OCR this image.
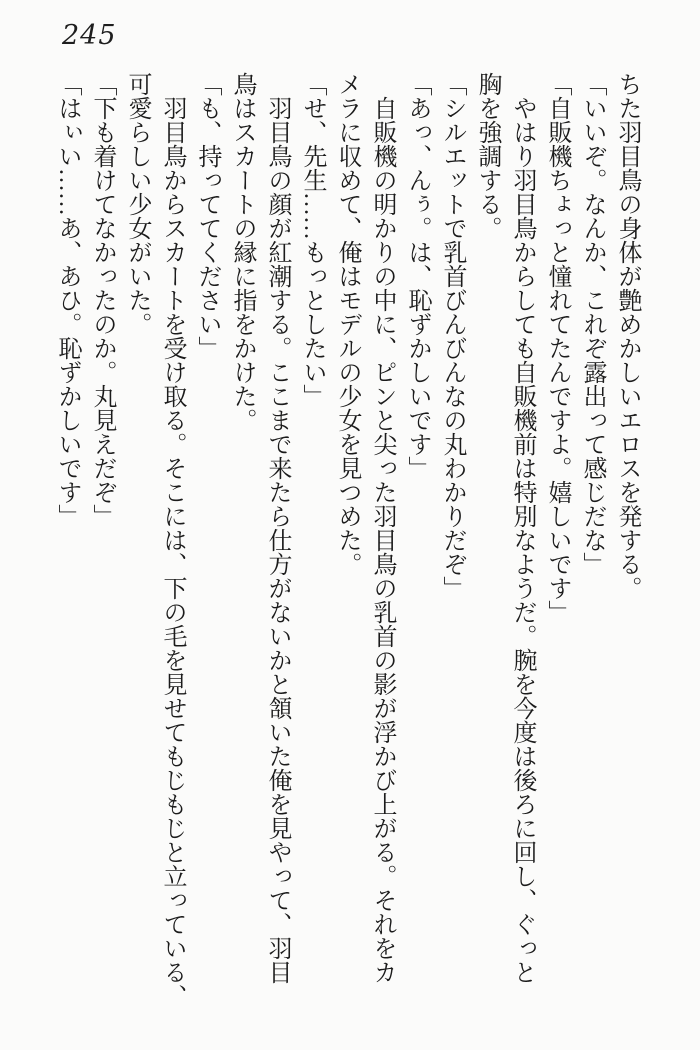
245

ちた羽目鳥の身体が艶めかしいエロスを発する。

「いいぞ。なんか、これぞ露出って感じだな」

「自販機ちょっと憧れてたんですよ。嬉しいです」

やはり羽目鳥からしても自販機前は特別なようだ。腕を今度は後ろに回し、ぐっと

胸を強調する。

「シルエットで乳首びんびんなの丸わかりだぞ」

「あっ、んぅ。は、恥ずかしいです」

自販機の明かりの中に、ピンと尖った羽目鳥の乳首の影が浮かび上がる。それをカ

メラに収めて、俺はモデルの少女を見つめた。

「せ、先生……もっとしたい」

羽目鳥の顔が紅潮する。ここまで来たら仕方がないかと頷いた俺を見やって、羽目

鳥はスカートの縁に指をかけた。

「も、持っててください」

羽目鳥からスカートを受け取る。そこには、下の毛を見せてもじもじと立っている、

可愛らしい少女がいた。

「下も着けてなかったのか。丸見えだぞ」

「はぃい……あ、あひ。恥ずかしいです」
